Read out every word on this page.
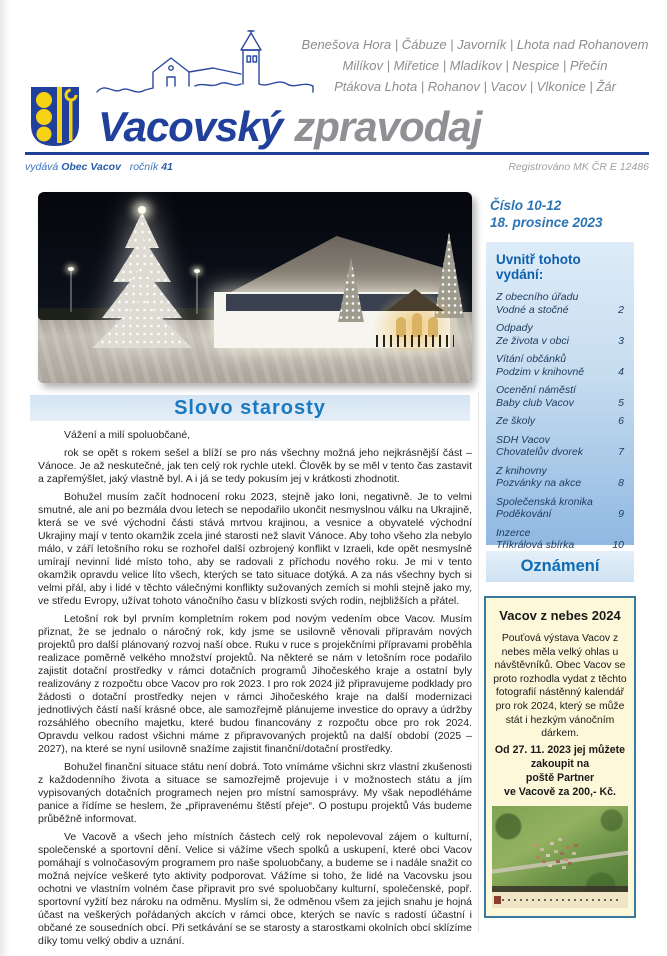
Benešova Hora | Čábuze | Javorník | Lhota nad Rohanovem
Milíkov | Miřetice | Mladíkov | Nespice | Přečín
Ptákova Lhota | Rohanov | Vacov | Vlkonice | Žár
Vacovský zpravodaj
vydává Obec Vacov ročník 41	Registrováno MK ČR E 12486
Číslo 10-12
18. prosince 2023
Uvnitř tohoto vydání:
Z obecního úřadu
Vodné a stočné	2
Odpady
Ze života v obci	3
Vítání občánků
Podzim v knihovně	4
Ocenění náměstí
Baby club Vacov	5
Ze školy	6
SDH Vacov
Chovatelův dvorek	7
Z knihovny
Pozvánky na akce	8
Společenská kronika
Poděkování	9
Inzerce
Tříkrálová sbírka	10
Oznámení
Vacov z nebes 2024
Pouťová výstava Vacov z nebes měla velký ohlas u návštěvníků. Obec Vacov se proto rozhodla vydat z těchto fotografií nástěnný kalendář pro rok 2024, který se může stát i hezkým vánočním dárkem.
Od 27. 11. 2023 jej můžete
zakoupit na
poště Partner
ve Vacově za 200,- Kč.
Slovo starosty

Vážení a milí spoluobčané,

rok se opět s rokem sešel a blíží se pro nás všechny možná jeho nejkrásnější část – Vánoce. Je až neskutečné, jak ten celý rok rychle utekl. Člověk by se měl v tento čas zastavit a zapřemýšlet, jaký vlastně byl. A i já se tedy pokusím jej v krátkosti zhodnotit.

Bohužel musím začít hodnocení roku 2023, stejně jako loni, negativně. Je to velmi smutné, ale ani po bezmála dvou letech se nepodařilo ukončit nesmyslnou válku na Ukrajině, která se ve své východní části stává mrtvou krajinou, a vesnice a obyvatelé východní Ukrajiny mají v tento okamžik zcela jiné starosti než slavit Vánoce. Aby toho všeho zla nebylo málo, v září letošního roku se rozhořel další ozbrojený konflikt v Izraeli, kde opět nesmyslně umírají nevinní lidé místo toho, aby se radovali z příchodu nového roku. Je mi v tento okamžik opravdu velice líto všech, kterých se tato situace dotýká. A za nás všechny bych si velmi přál, aby i lidé v těchto válečnými konflikty sužovaných zemích si mohli stejně jako my, ve středu Evropy, užívat tohoto vánočního času v blízkosti svých rodin, nejbližších a přátel.

Letošní rok byl prvním kompletním rokem pod novým vedením obce Vacov. Musím přiznat, že se jednalo o náročný rok, kdy jsme se usilovně věnovali přípravám nových projektů pro další plánovaný rozvoj naší obce. Ruku v ruce s projekčními přípravami proběhla realizace poměrně velkého množství projektů. Na některé se nám v letošním roce podařilo zajistit dotační prostředky v rámci dotačních programů Jihočeského kraje a ostatní byly realizovány z rozpočtu obce Vacov pro rok 2023. I pro rok 2024 již připravujeme podklady pro žádosti o dotační prostředky nejen v rámci Jihočeského kraje na další modernizaci jednotlivých částí naší krásné obce, ale samozřejmě plánujeme investice do opravy a údržby rozsáhlého obecního majetku, které budou financovány z rozpočtu obce pro rok 2024. Opravdu velkou radost všichni máme z připravovaných projektů na další období (2025 – 2027), na které se nyní usilovně snažíme zajistit finanční/dotační prostředky.

Bohužel finanční situace státu není dobrá. Toto vnímáme všichni skrz vlastní zkušenosti z každodenního života a situace se samozřejmě projevuje i v možnostech státu a jím vypisovaných dotačních programech nejen pro místní samosprávy. My však nepodléháme panice a řídíme se heslem, že „připravenému štěstí přeje“. O postupu projektů Vás budeme průběžně informovat.

Ve Vacově a všech jeho místních částech celý rok nepolevoval zájem o kulturní, společenské a sportovní dění. Velice si vážíme všech spolků a uskupení, které obci Vacov pomáhají s volnočasovým programem pro naše spoluobčany, a budeme se i nadále snažit co možná nejvíce veškeré tyto aktivity podporovat. Vážíme si toho, že lidé na Vacovsku jsou ochotni ve vlastním volném čase připravit pro své spoluobčany kulturní, společenské, popř. sportovní vyžití bez nároku na odměnu. Myslím si, že odměnou všem za jejich snahu je hojná účast na veškerých pořádaných akcích v rámci obce, kterých se navíc s radostí účastní i občané ze sousedních obcí. Při setkávání se se starosty a starostkami okolních obcí sklízíme díky tomu velký obdiv a uznání.
